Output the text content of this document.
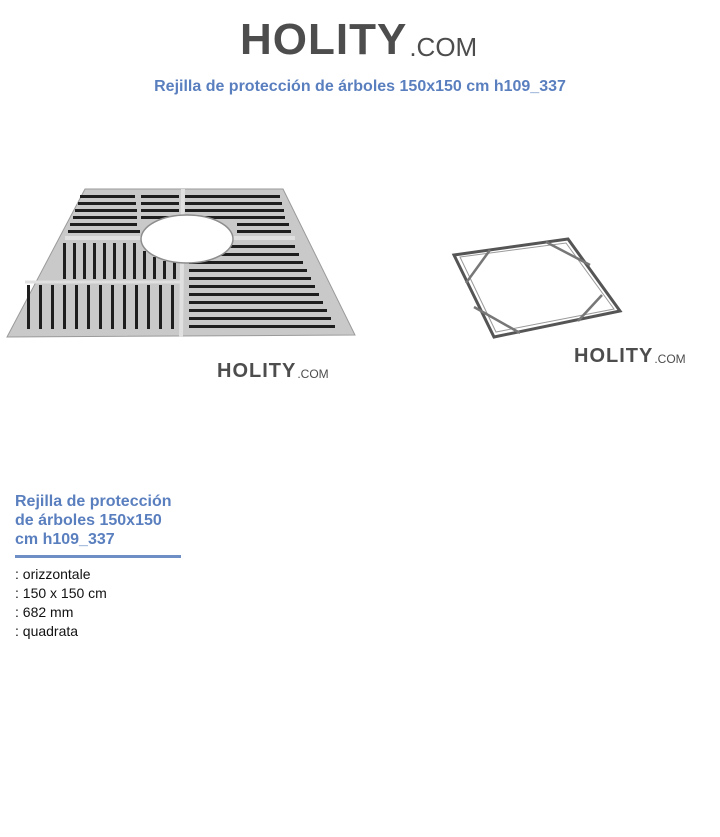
HOLITY .COM
Rejilla de protección de árboles 150x150 cm h109_337
HOLITY .COM
HOLITY .COM
Rejilla de protección de árboles 150x150 cm h109_337
: orizzontale
: 150 x 150 cm
: 682 mm
: quadrata
